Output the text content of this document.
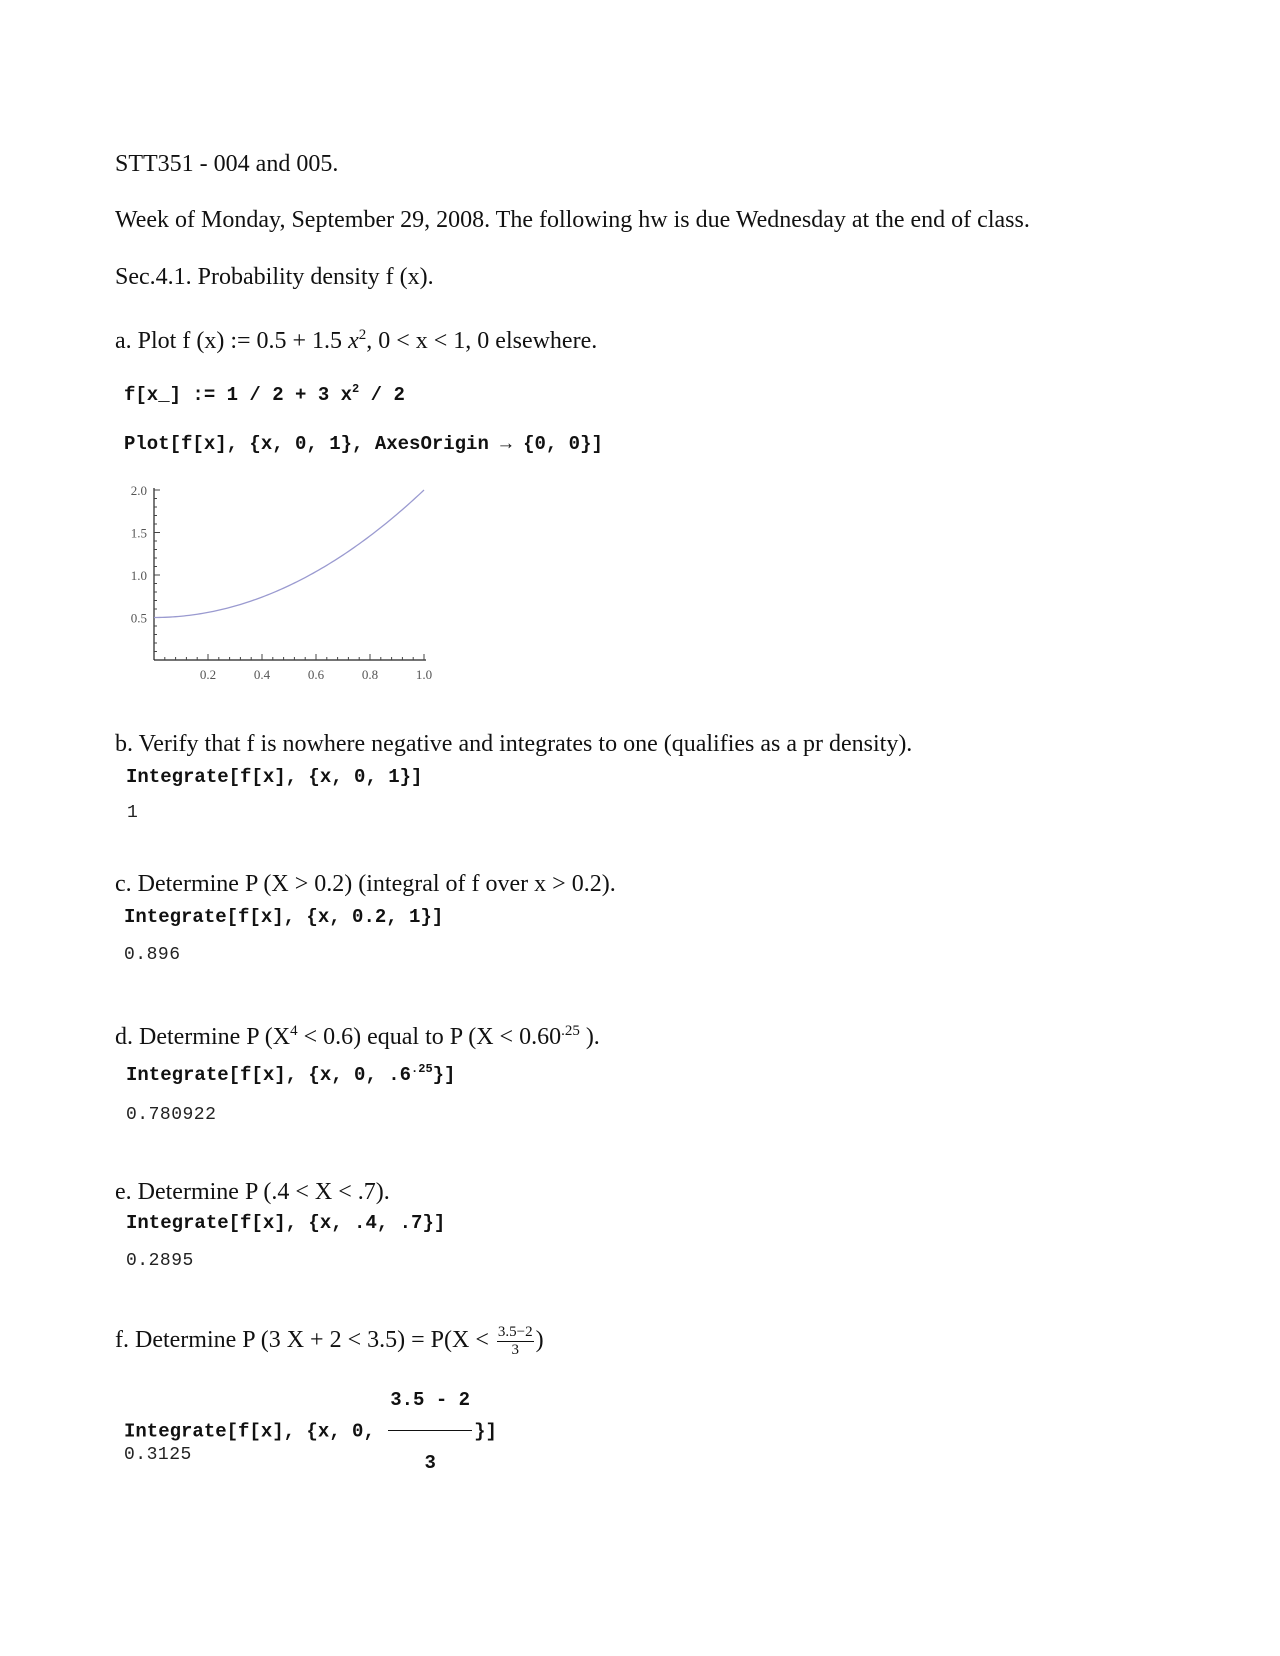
STT351 - 004 and 005.
Week of Monday, September 29, 2008. The following hw is due Wednesday at the end of class.
Sec.4.1. Probability density f (x).
a. Plot f (x) := 0.5 + 1.5 $x^2$, 0 < x < 1, 0 elsewhere.
f[x_] := 1 / 2 + 3 $x^2 / 2$
Plot[f[x], {x, 0, 1}, AxesOrigin → {0, 0}]
0.2	0.4	0.6	0.8	1.0
0.5
1.0
1.5
2.0
b. Verify that f is nowhere negative and integrates to one (qualifies as a pr density).
Integrate[f[x], {x, 0, 1}]
1
c. Determine P (X > 0.2) (integral of f over x > 0.2).
Integrate[f[x], {x, 0.2, 1}]
0.896
d. Determine P $(X^4 < 0.6)$ equal to P ($X < 0.60^{.25}$ ).
Integrate[f[x], {x, 0, $.6^{.25}$}]
0.780922
e. Determine P (.4 < X < .7).
Integrate[f[x], {x, .4, .7}]
0.2895
f. Determine P (3 $X + 2 < 3.5) = P(X < \frac{3.5-2}{3}$ )
Integrate[f[x], {x, 0, $\frac{3.5 - 2}{3}$ }]
0.3125
